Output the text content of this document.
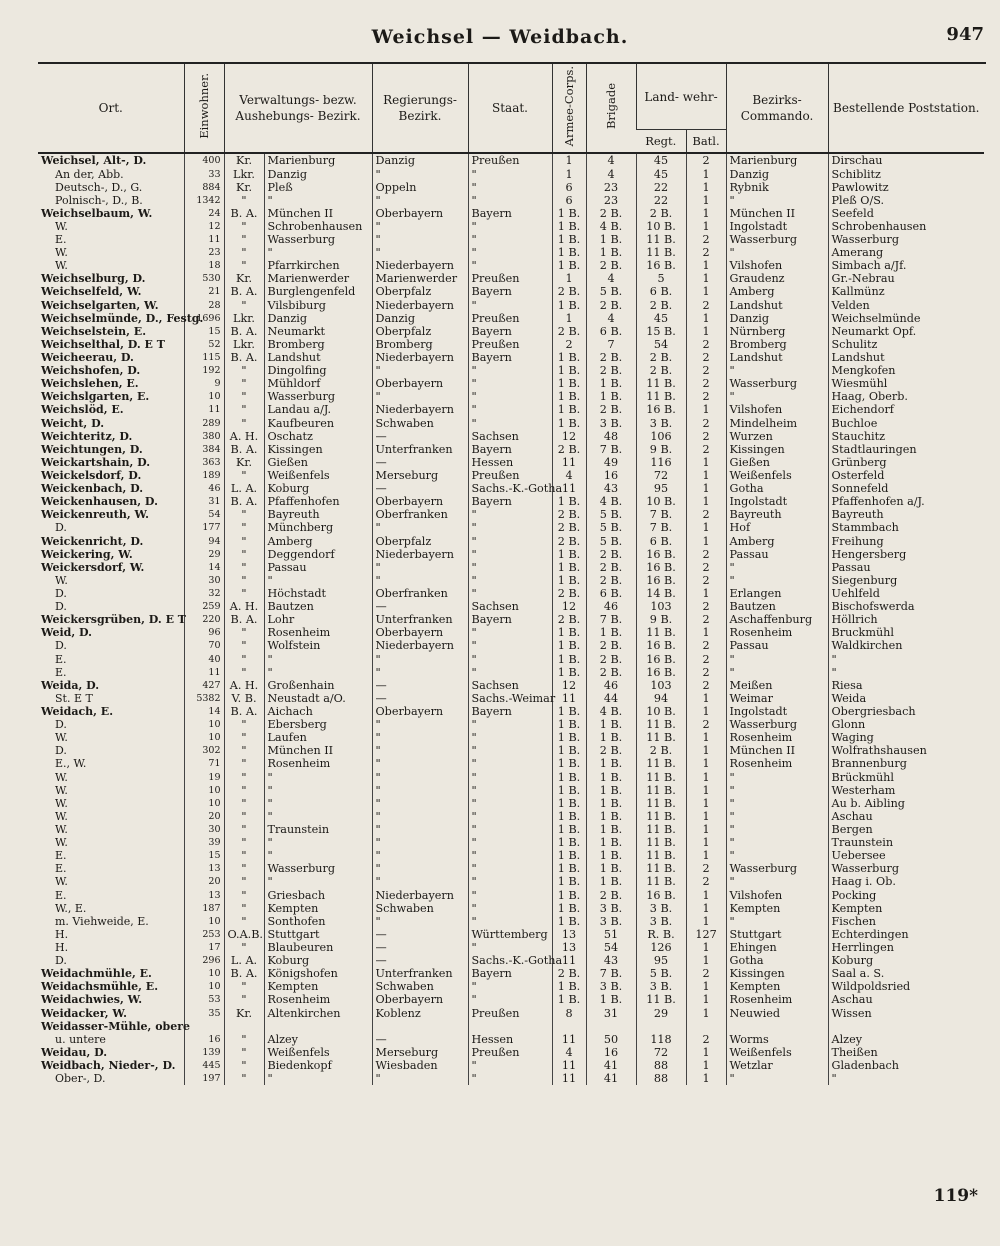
Weichsel — Weidbach.	947
Ort.	Einwohner.	Verwaltungs- bezw. Aushebungs- Bezirk.		Regierungs- Bezirk.	Staat.	Armee-Corps.	Brigade	Land- wehr-		Bezirks- Commando.	Bestellende Poststation.
								Regt.	Batl.		
Weichsel, Alt-, D.	400	Kr.	Marienburg	Danzig	Preußen	1	4	45	2	Marienburg	Dirschau
An der, Abb.	33	Lkr.	Danzig	"	"	1	4	45	1	Danzig	Schiblitz
Deutsch-, D., G.	884	Kr.	Pleß	Oppeln	"	6	23	22	1	Rybnik	Pawlowitz
Polnisch-, D., B.	1342	"	"	"	"	6	23	22	1	"	Pleß O/S.
Weichselbaum, W.	24	B. A.	München II	Oberbayern	Bayern	1 B.	2 B.	2 B.	1	München II	Seefeld
W.	12	"	Schrobenhausen	"	"	1 B.	4 B.	10 B.	1	Ingolstadt	Schrobenhausen
E.	11	"	Wasserburg	"	"	1 B.	1 B.	11 B.	2	Wasserburg	Wasserburg
W.	23	"	"	"	"	1 B.	1 B.	11 B.	2	"	Amerang
W.	18	"	Pfarrkirchen	Niederbayern	"	1 B.	2 B.	16 B.	1	Vilshofen	Simbach a/Jf.
Weichselburg, D.	530	Kr.	Marienwerder	Marienwerder	Preußen	1	4	5	1	Graudenz	Gr.-Nebrau
Weichselfeld, W.	21	B. A.	Burglengenfeld	Oberpfalz	Bayern	2 B.	5 B.	6 B.	1	Amberg	Kallmünz
Weichselgarten, W.	28	"	Vilsbiburg	Niederbayern	"	1 B.	2 B.	2 B.	2	Landshut	Velden
Weichselmünde, D., Festg.	1696	Lkr.	Danzig	Danzig	Preußen	1	4	45	1	Danzig	Weichselmünde
Weichselstein, E.	15	B. A.	Neumarkt	Oberpfalz	Bayern	2 B.	6 B.	15 B.	1	Nürnberg	Neumarkt Opf.
Weichselthal, D. E T	52	Lkr.	Bromberg	Bromberg	Preußen	2	7	54	2	Bromberg	Schulitz
Weicheerau, D.	115	B. A.	Landshut	Niederbayern	Bayern	1 B.	2 B.	2 B.	2	Landshut	Landshut
Weichshofen, D.	192	"	Dingolfing	"	"	1 B.	2 B.	2 B.	2	"	Mengkofen
Weichslehen, E.	9	"	Mühldorf	Oberbayern	"	1 B.	1 B.	11 B.	2	Wasserburg	Wiesmühl
Weichslgarten, E.	10	"	Wasserburg	"	"	1 B.	1 B.	11 B.	2	"	Haag, Oberb.
Weichslöd, E.	11	"	Landau a/J.	Niederbayern	"	1 B.	2 B.	16 B.	1	Vilshofen	Eichendorf
Weicht, D.	289	"	Kaufbeuren	Schwaben	"	1 B.	3 B.	3 B.	2	Mindelheim	Buchloe
Weichteritz, D.	380	A. H.	Oschatz	—	Sachsen	12	48	106	2	Wurzen	Stauchitz
Weichtungen, D.	384	B. A.	Kissingen	Unterfranken	Bayern	2 B.	7 B.	9 B.	2	Kissingen	Stadtlauringen
Weickartshain, D.	363	Kr.	Gießen	—	Hessen	11	49	116	1	Gießen	Grünberg
Weickelsdorf, D.	189	"	Weißenfels	Merseburg	Preußen	4	16	72	1	Weißenfels	Osterfeld
Weickenbach, D.	46	L. A.	Koburg	—	Sachs.-K.-Gotha	11	43	95	1	Gotha	Sonnefeld
Weickenhausen, D.	31	B. A.	Pfaffenhofen	Oberbayern	Bayern	1 B.	4 B.	10 B.	1	Ingolstadt	Pfaffenhofen a/J.
Weickenreuth, W.	54	"	Bayreuth	Oberfranken	"	2 B.	5 B.	7 B.	2	Bayreuth	Bayreuth
D.	177	"	Münchberg	"	"	2 B.	5 B.	7 B.	1	Hof	Stammbach
Weickenricht, D.	94	"	Amberg	Oberpfalz	"	2 B.	5 B.	6 B.	1	Amberg	Freihung
Weickering, W.	29	"	Deggendorf	Niederbayern	"	1 B.	2 B.	16 B.	2	Passau	Hengersberg
Weickersdorf, W.	14	"	Passau	"	"	1 B.	2 B.	16 B.	2	"	Passau
W.	30	"	"	"	"	1 B.	2 B.	16 B.	2	"	Siegenburg
D.	32	"	Höchstadt	Oberfranken	"	2 B.	6 B.	14 B.	1	Erlangen	Uehlfeld
D.	259	A. H.	Bautzen	—	Sachsen	12	46	103	2	Bautzen	Bischofswerda
Weickersgrüben, D. E T	220	B. A.	Lohr	Unterfranken	Bayern	2 B.	7 B.	9 B.	2	Aschaffenburg	Höllrich
Weid, D.	96	"	Rosenheim	Oberbayern	"	1 B.	1 B.	11 B.	1	Rosenheim	Bruckmühl
D.	70	"	Wolfstein	Niederbayern	"	1 B.	2 B.	16 B.	2	Passau	Waldkirchen
E.	40	"	"	"	"	1 B.	2 B.	16 B.	2	"	"
E.	11	"	"	"	"	1 B.	2 B.	16 B.	2	"	"
Weida, D.	427	A. H.	Großenhain	—	Sachsen	12	46	103	2	Meißen	Riesa
St. E T	5382	V. B.	Neustadt a/O.	—	Sachs.-Weimar	11	44	94	1	Weimar	Weida
Weidach, E.	14	B. A.	Aichach	Oberbayern	Bayern	1 B.	4 B.	10 B.	1	Ingolstadt	Obergriesbach
D.	10	"	Ebersberg	"	"	1 B.	1 B.	11 B.	2	Wasserburg	Glonn
W.	10	"	Laufen	"	"	1 B.	1 B.	11 B.	1	Rosenheim	Waging
D.	302	"	München II	"	"	1 B.	2 B.	2 B.	1	München II	Wolfrathshausen
E., W.	71	"	Rosenheim	"	"	1 B.	1 B.	11 B.	1	Rosenheim	Brannenburg
W.	19	"	"	"	"	1 B.	1 B.	11 B.	1	"	Brückmühl
W.	10	"	"	"	"	1 B.	1 B.	11 B.	1	"	Westerham
W.	10	"	"	"	"	1 B.	1 B.	11 B.	1	"	Au b. Aibling
W.	20	"	"	"	"	1 B.	1 B.	11 B.	1	"	Aschau
W.	30	"	Traunstein	"	"	1 B.	1 B.	11 B.	1	"	Bergen
W.	39	"	"	"	"	1 B.	1 B.	11 B.	1	"	Traunstein
E.	15	"	"	"	"	1 B.	1 B.	11 B.	1	"	Uebersee
E.	13	"	Wasserburg	"	"	1 B.	1 B.	11 B.	2	Wasserburg	Wasserburg
W.	20	"	"	"	"	1 B.	1 B.	11 B.	2	"	Haag i. Ob.
E.	13	"	Griesbach	Niederbayern	"	1 B.	2 B.	16 B.	1	Vilshofen	Pocking
W., E.	187	"	Kempten	Schwaben	"	1 B.	3 B.	3 B.	1	Kempten	Kempten
m. Viehweide, E.	10	"	Sonthofen	"	"	1 B.	3 B.	3 B.	1	"	Fischen
H.	253	O.A.B.	Stuttgart	—	Württemberg	13	51	R. B.	127	Stuttgart	Echterdingen
H.	17	"	Blaubeuren	—	"	13	54	126	1	Ehingen	Herrlingen
D.	296	L. A.	Koburg	—	Sachs.-K.-Gotha	11	43	95	1	Gotha	Koburg
Weidachmühle, E.	10	B. A.	Königshofen	Unterfranken	Bayern	2 B.	7 B.	5 B.	2	Kissingen	Saal a. S.
Weidachsmühle, E.	10	"	Kempten	Schwaben	"	1 B.	3 B.	3 B.	1	Kempten	Wildpoldsried
Weidachwies, W.	53	"	Rosenheim	Oberbayern	"	1 B.	1 B.	11 B.	1	Rosenheim	Aschau
Weidacker, W.	35	Kr.	Altenkirchen	Koblenz	Preußen	8	31	29	1	Neuwied	Wissen
Weidasser-Mühle, obere											
u. untere	16	"	Alzey	—	Hessen	11	50	118	2	Worms	Alzey
Weidau, D.	139	"	Weißenfels	Merseburg	Preußen	4	16	72	1	Weißenfels	Theißen
Weidbach, Nieder-, D.	445	"	Biedenkopf	Wiesbaden	"	11	41	88	1	Wetzlar	Gladenbach
Ober-, D.	197	"	"	"	"	11	41	88	1	"	"
119*
